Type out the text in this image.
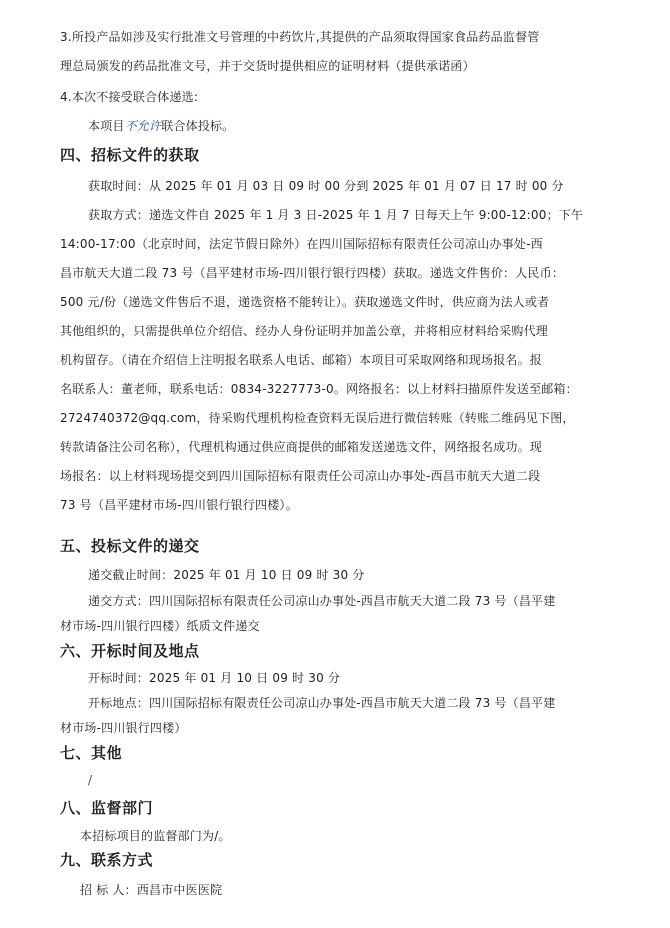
3.所投产品如涉及实行批准文号管理的中药饮片,其提供的产品须取得国家食品药品监督管
理总局颁发的药品批准文号，并于交货时提供相应的证明材料（提供承诺函）
4.本次不接受联合体递选:
本项目不允许联合体投标。
四、招标文件的获取
获取时间：从 2025 年 01 月 03 日 09 时 00 分到 2025 年 01 月 07 日 17 时 00 分
获取方式：递选文件自 2025 年 1 月 3 日-2025 年 1 月 7 日每天上午 9:00-12:00；下午
14:00-17:00（北京时间，法定节假日除外）在四川国际招标有限责任公司凉山办事处-西
昌市航天大道二段 73 号（昌平建材市场-四川银行银行四楼）获取。递选文件售价：人民币：
500 元/份（递选文件售后不退，递选资格不能转让）。获取递选文件时，供应商为法人或者
其他组织的，只需提供单位介绍信、经办人身份证明并加盖公章，并将相应材料给采购代理
机构留存。（请在介绍信上注明报名联系人电话、邮箱）本项目可采取网络和现场报名。报
名联系人：董老师，联系电话：0834-3227773-0。网络报名：以上材料扫描原件发送至邮箱：
2724740372@qq.com，待采购代理机构检查资料无误后进行微信转账（转账二维码见下图，
转款请备注公司名称），代理机构通过供应商提供的邮箱发送递选文件，网络报名成功。现
场报名：以上材料现场提交到四川国际招标有限责任公司凉山办事处-西昌市航天大道二段
73 号（昌平建材市场-四川银行银行四楼）。
五、投标文件的递交
递交截止时间：2025 年 01 月 10 日 09 时 30 分
递交方式：四川国际招标有限责任公司凉山办事处-西昌市航天大道二段 73 号（昌平建
材市场-四川银行四楼）纸质文件递交
六、开标时间及地点
开标时间：2025 年 01 月 10 日 09 时 30 分
开标地点：四川国际招标有限责任公司凉山办事处-西昌市航天大道二段 73 号（昌平建
材市场-四川银行四楼）
七、其他
/
八、监督部门
本招标项目的监督部门为/。
九、联系方式
招 标 人：西昌市中医医院
